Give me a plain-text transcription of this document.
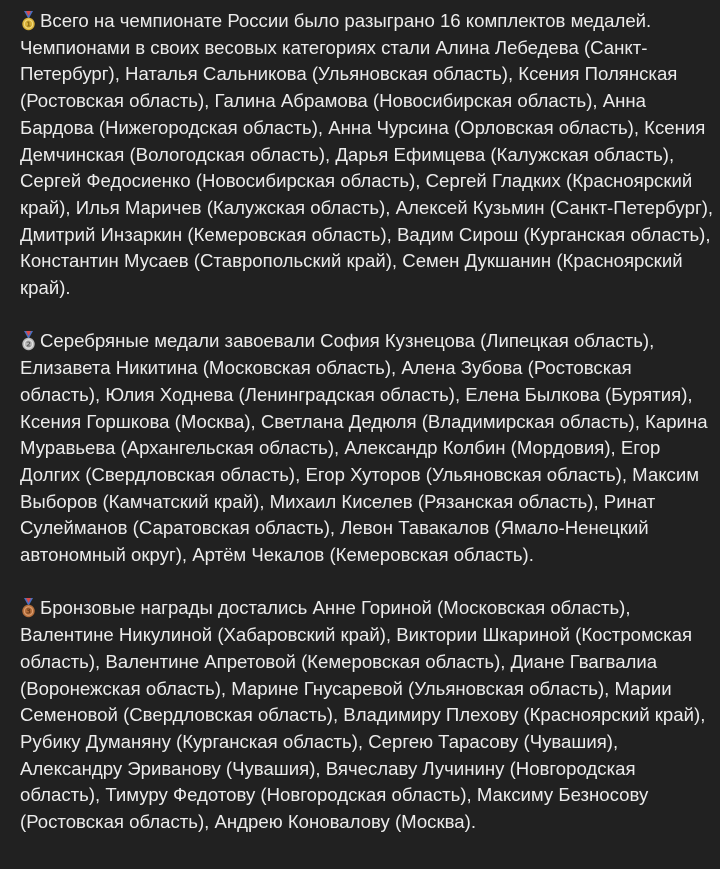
1 Всего на чемпионате России было разыграно 16 комплектов медалей. Чемпионами в своих весовых категориях стали Алина Лебедева (Санкт-Петербург), Наталья Сальникова (Ульяновская область), Ксения Полянская (Ростовская область), Галина Абрамова (Новосибирская область), Анна Бардова (Нижегородская область), Анна Чурсина (Орловская область), Ксения Демчинская (Вологодская область), Дарья Ефимцева (Калужская область), Сергей Федосиенко (Новосибирская область), Сергей Гладких (Красноярский край), Илья Маричев (Калужская область), Алексей Кузьмин (Санкт-Петербург), Дмитрий Инзаркин (Кемеровская область), Вадим Сирош (Курганская область), Константин Мусаев (Ставропольский край), Семен Дукшанин (Красноярский край).

2 Серебряные медали завоевали София Кузнецова (Липецкая область), Елизавета Никитина (Московская область), Алена Зубова (Ростовская область), Юлия Ходнева (Ленинградская область), Елена Былкова (Бурятия), Ксения Горшкова (Москва), Светлана Дедюля (Владимирская область), Карина Муравьева (Архангельская область), Александр Колбин (Мордовия), Егор Долгих (Свердловская область), Егор Хуторов (Ульяновская область), Максим Выборов (Камчатский край), Михаил Киселев (Рязанская область), Ринат Сулейманов (Саратовская область), Левон Тавакалов (Ямало-Ненецкий автономный округ), Артём Чекалов (Кемеровская область).

3 Бронзовые награды достались Анне Гориной (Московская область), Валентине Никулиной (Хабаровский край), Виктории Шкариной (Костромская область), Валентине Апретовой (Кемеровская область), Диане Гвагвалиа (Воронежская область), Марине Гнусаревой (Ульяновская область), Марии Семеновой (Свердловская область), Владимиру Плехову (Красноярский край), Рубику Думаняну (Курганская область), Сергею Тарасову (Чувашия), Александру Эриванову (Чувашия), Вячеславу Лучинину (Новгородская область), Тимуру Федотову (Новгородская область), Максиму Безносову (Ростовская область), Андрею Коновалову (Москва).
